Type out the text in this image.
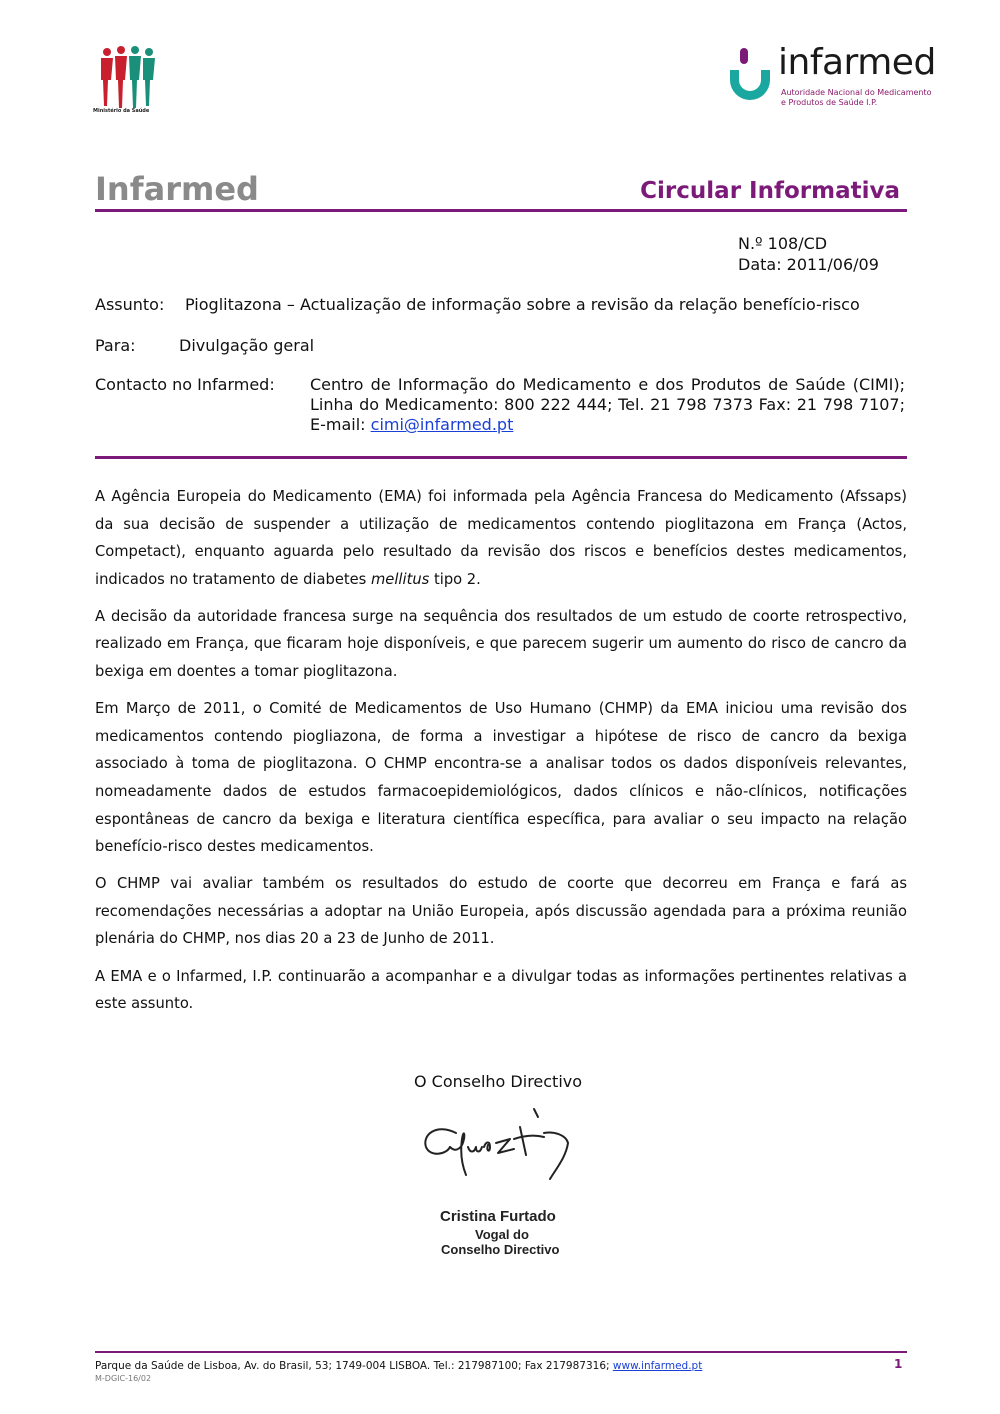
Ministério da Saúde
infarmed
Autoridade Nacional do Medicamento
e Produtos de Saúde I.P.
Infarmed	Circular Informativa
N.º 108/CD
Data: 2011/06/09
Assunto: Pioglitazona – Actualização de informação sobre a revisão da relação benefício-risco
Para:	Divulgação geral
Contacto no Infarmed: Centro de Informação do Medicamento e dos Produtos de Saúde (CIMI); Linha do Medicamento: 800 222 444; Tel. 21 798 7373 Fax: 21 798 7107; E-mail: cimi@infarmed.pt

A Agência Europeia do Medicamento (EMA) foi informada pela Agência Francesa do Medicamento (Afssaps) da sua decisão de suspender a utilização de medicamentos contendo pioglitazona em França (Actos, Competact), enquanto aguarda pelo resultado da revisão dos riscos e benefícios destes medicamentos, indicados no tratamento de diabetes mellitus tipo 2.

A decisão da autoridade francesa surge na sequência dos resultados de um estudo de coorte retrospectivo, realizado em França, que ficaram hoje disponíveis, e que parecem sugerir um aumento do risco de cancro da bexiga em doentes a tomar pioglitazona.

Em Março de 2011, o Comité de Medicamentos de Uso Humano (CHMP) da EMA iniciou uma revisão dos medicamentos contendo piogliazona, de forma a investigar a hipótese de risco de cancro da bexiga associado à toma de pioglitazona. O CHMP encontra-se a analisar todos os dados disponíveis relevantes, nomeadamente dados de estudos farmacoepidemiológicos, dados clínicos e não-clínicos, notificações espontâneas de cancro da bexiga e literatura científica específica, para avaliar o seu impacto na relação benefício-risco destes medicamentos.

O CHMP vai avaliar também os resultados do estudo de coorte que decorreu em França e fará as recomendações necessárias a adoptar na União Europeia, após discussão agendada para a próxima reunião plenária do CHMP, nos dias 20 a 23 de Junho de 2011.

A EMA e o Infarmed, I.P. continuarão a acompanhar e a divulgar todas as informações pertinentes relativas a este assunto.

O Conselho Directivo
Cristina Furtado
Vogal do
Conselho Directivo
Parque da Saúde de Lisboa, Av. do Brasil, 53; 1749-004 LISBOA. Tel.: 217987100; Fax 217987316; www.infarmed.pt
M-DGIC-16/02
1
